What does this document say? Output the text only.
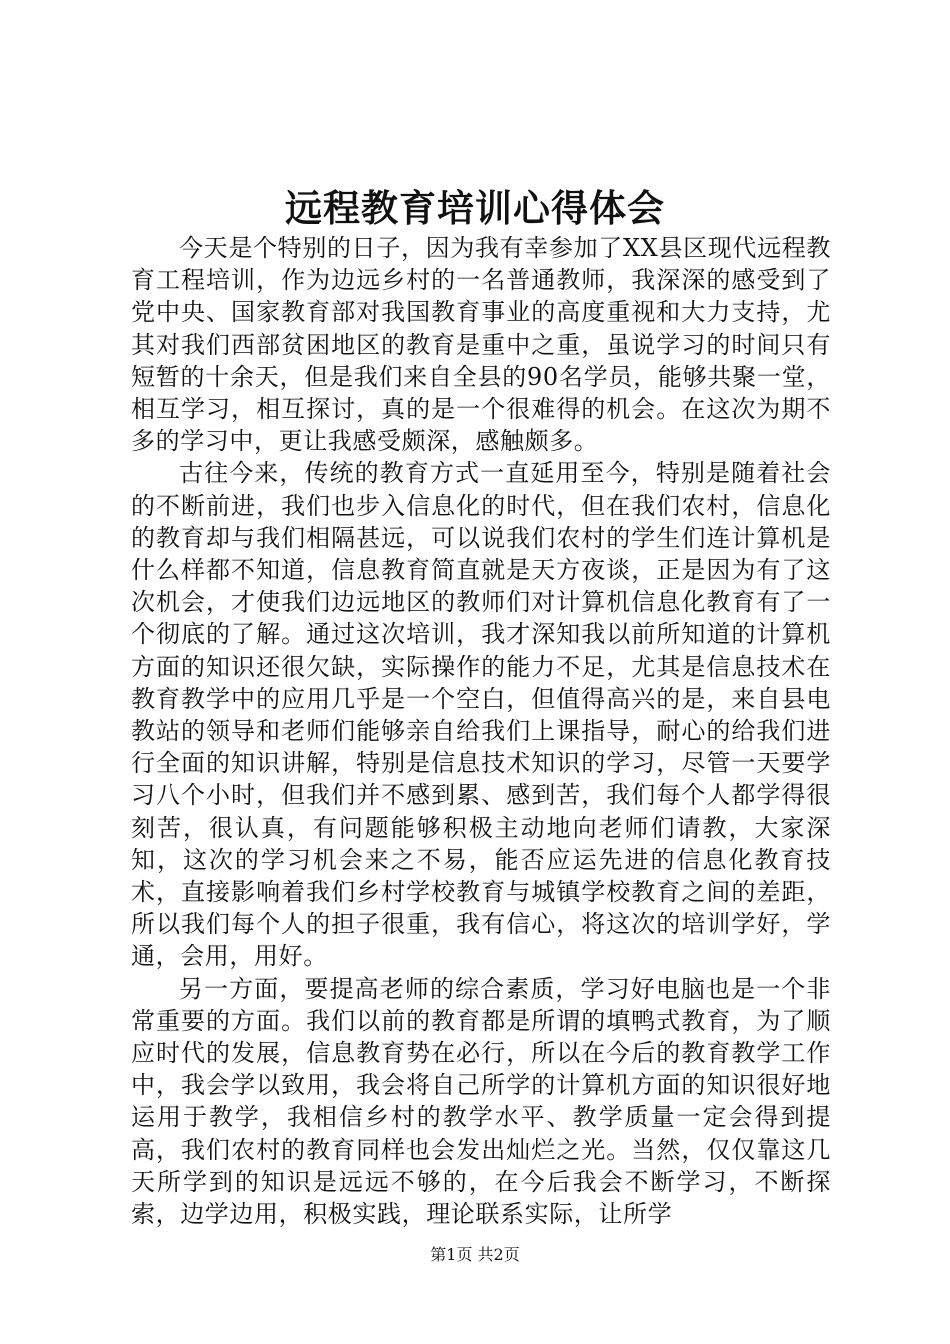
远程教育培训心得体会

今天是个特别的日子，因为我有幸参加了XX县区现代远程教育工程培训，作为边远乡村的一名普通教师，我深深的感受到了党中央、国家教育部对我国教育事业的高度重视和大力支持，尤其对我们西部贫困地区的教育是重中之重，虽说学习的时间只有短暂的十余天，但是我们来自全县的90名学员，能够共聚一堂，相互学习，相互探讨，真的是一个很难得的机会。在这次为期不多的学习中，更让我感受颇深，感触颇多。

古往今来，传统的教育方式一直延用至今，特别是随着社会的不断前进，我们也步入信息化的时代，但在我们农村，信息化的教育却与我们相隔甚远，可以说我们农村的学生们连计算机是什么样都不知道，信息教育简直就是天方夜谈，正是因为有了这次机会，才使我们边远地区的教师们对计算机信息化教育有了一个彻底的了解。通过这次培训，我才深知我以前所知道的计算机方面的知识还很欠缺，实际操作的能力不足，尤其是信息技术在教育教学中的应用几乎是一个空白，但值得高兴的是，来自县电教站的领导和老师们能够亲自给我们上课指导，耐心的给我们进行全面的知识讲解，特别是信息技术知识的学习，尽管一天要学习八个小时，但我们并不感到累、感到苦，我们每个人都学得很刻苦，很认真，有问题能够积极主动地向老师们请教，大家深知，这次的学习机会来之不易，能否应运先进的信息化教育技术，直接影响着我们乡村学校教育与城镇学校教育之间的差距，所以我们每个人的担子很重，我有信心，将这次的培训学好，学通，会用，用好。

另一方面，要提高老师的综合素质，学习好电脑也是一个非常重要的方面。我们以前的教育都是所谓的填鸭式教育，为了顺应时代的发展，信息教育势在必行，所以在今后的教育教学工作中，我会学以致用，我会将自己所学的计算机方面的知识很好地运用于教学，我相信乡村的教学水平、教学质量一定会得到提高，我们农村的教育同样也会发出灿烂之光。当然，仅仅靠这几天所学到的知识是远远不够的，在今后我会不断学习，不断探索，边学边用，积极实践，理论联系实际，让所学

第1页 共2页
